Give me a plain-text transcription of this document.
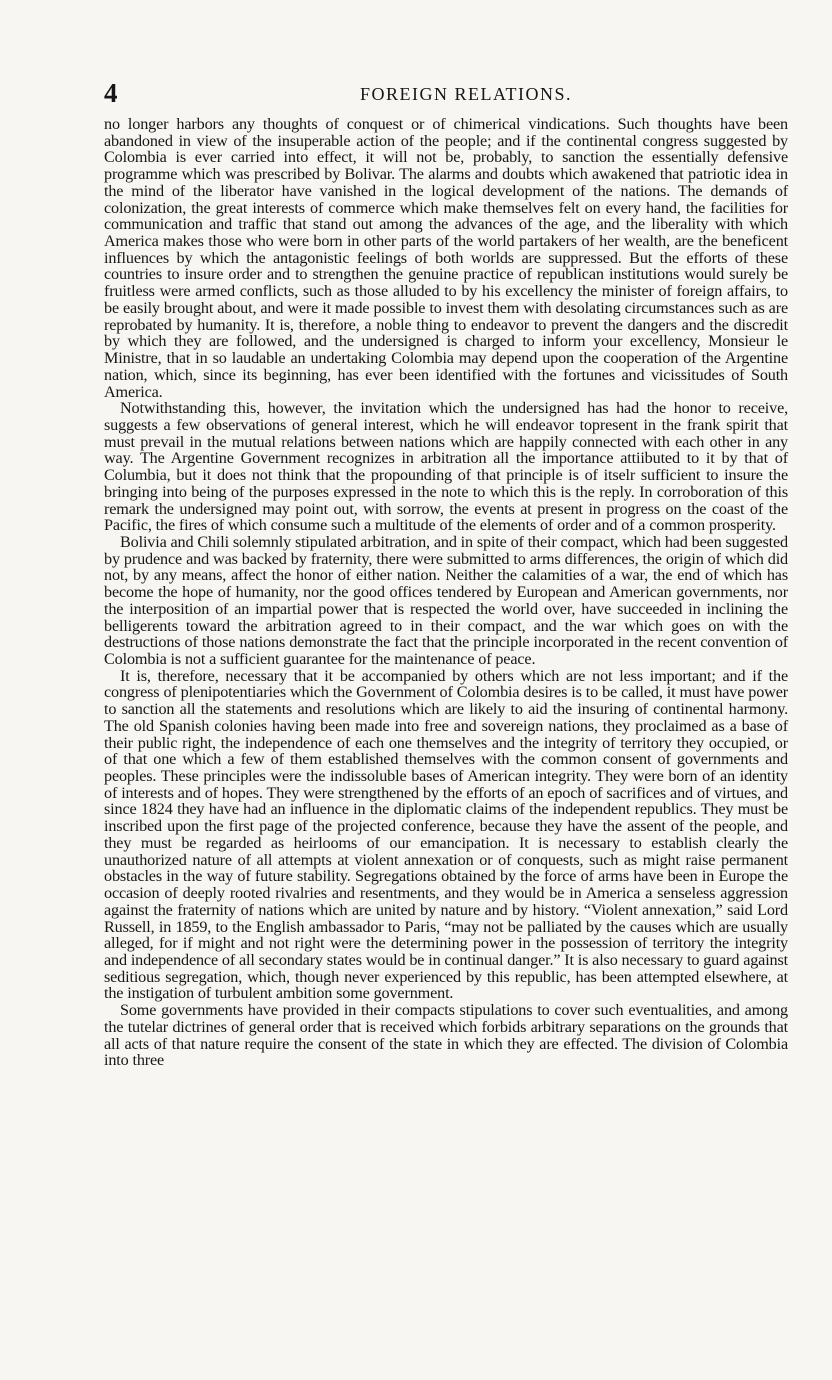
4	FOREIGN RELATIONS.

no longer harbors any thoughts of conquest or of chimerical vindications. Such thoughts have been abandoned in view of the insuperable action of the people; and if the continental congress suggested by Colombia is ever carried into effect, it will not be, probably, to sanction the essentially defensive programme which was prescribed by Bolivar. The alarms and doubts which awakened that patriotic idea in the mind of the liberator have vanished in the logical development of the nations. The demands of colonization, the great interests of commerce which make themselves felt on every hand, the facilities for communication and traffic that stand out among the advances of the age, and the liberality with which America makes those who were born in other parts of the world partakers of her wealth, are the beneficent influences by which the antagonistic feelings of both worlds are suppressed. But the efforts of these countries to insure order and to strengthen the genuine practice of republican institutions would surely be fruitless were armed conflicts, such as those alluded to by his excellency the minister of foreign affairs, to be easily brought about, and were it made possible to invest them with desolating circumstances such as are reprobated by humanity. It is, therefore, a noble thing to endeavor to prevent the dangers and the discredit by which they are followed, and the undersigned is charged to inform your excellency, Monsieur le Ministre, that in so laudable an undertaking Colombia may depend upon the cooperation of the Argentine nation, which, since its beginning, has ever been identified with the fortunes and vicissitudes of South America.

Notwithstanding this, however, the invitation which the undersigned has had the honor to receive, suggests a few observations of general interest, which he will endeavor topresent in the frank spirit that must prevail in the mutual relations between nations which are happily connected with each other in any way. The Argentine Government recognizes in arbitration all the importance attiibuted to it by that of Columbia, but it does not think that the propounding of that principle is of itselr sufficient to insure the bringing into being of the purposes expressed in the note to which this is the reply. In corroboration of this remark the undersigned may point out, with sorrow, the events at present in progress on the coast of the Pacific, the fires of which consume such a multitude of the elements of order and of a common prosperity.

Bolivia and Chili solemnly stipulated arbitration, and in spite of their compact, which had been suggested by prudence and was backed by fraternity, there were submitted to arms differences, the origin of which did not, by any means, affect the honor of either nation. Neither the calamities of a war, the end of which has become the hope of humanity, nor the good offices tendered by European and American governments, nor the interposition of an impartial power that is respected the world over, have succeeded in inclining the belligerents toward the arbitration agreed to in their compact, and the war which goes on with the destructions of those nations demonstrate the fact that the principle incorporated in the recent convention of Colombia is not a sufficient guarantee for the maintenance of peace.

It is, therefore, necessary that it be accompanied by others which are not less important; and if the congress of plenipotentiaries which the Government of Colombia desires is to be called, it must have power to sanction all the statements and resolutions which are likely to aid the insuring of continental harmony. The old Spanish colonies having been made into free and sovereign nations, they proclaimed as a base of their public right, the independence of each one themselves and the integrity of territory they occupied, or of that one which a few of them established themselves with the common consent of governments and peoples. These principles were the indissoluble bases of American integrity. They were born of an identity of interests and of hopes. They were strengthened by the efforts of an epoch of sacrifices and of virtues, and since 1824 they have had an influence in the diplomatic claims of the independent republics. They must be inscribed upon the first page of the projected conference, because they have the assent of the people, and they must be regarded as heirlooms of our emancipation. It is necessary to establish clearly the unauthorized nature of all attempts at violent annexation or of conquests, such as might raise permanent obstacles in the way of future stability. Segregations obtained by the force of arms have been in Europe the occasion of deeply rooted rivalries and resentments, and they would be in America a senseless aggression against the fraternity of nations which are united by nature and by history. “Violent annexation,” said Lord Russell, in 1859, to the English ambassador to Paris, “may not be palliated by the causes which are usually alleged, for if might and not right were the determining power in the possession of territory the integrity and independence of all secondary states would be in continual danger.” It is also necessary to guard against seditious segregation, which, though never experienced by this republic, has been attempted elsewhere, at the instigation of turbulent ambition some government.

Some governments have provided in their compacts stipulations to cover such eventualities, and among the tutelar dictrines of general order that is received which forbids arbitrary separations on the grounds that all acts of that nature require the consent of the state in which they are effected. The division of Colombia into three
